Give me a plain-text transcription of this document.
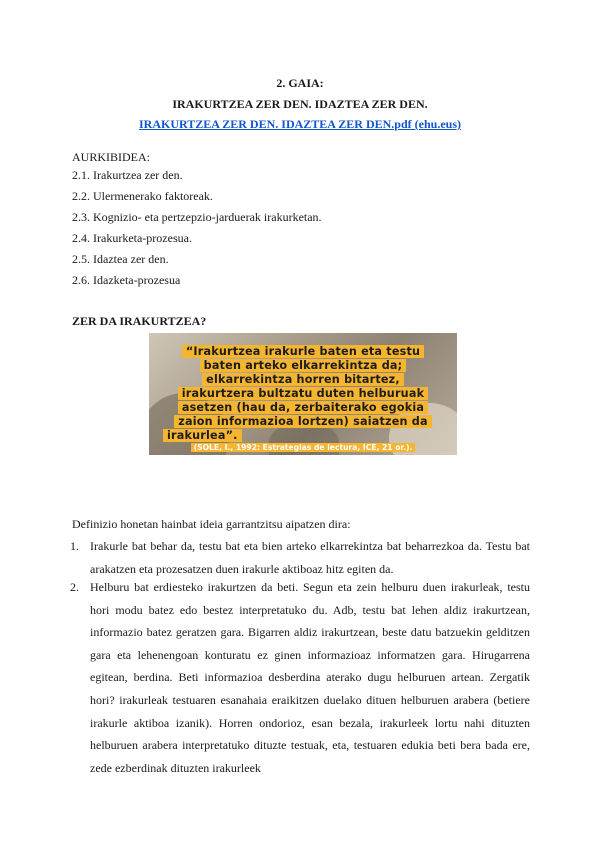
2. GAIA:
IRAKURTZEA ZER DEN. IDAZTEA ZER DEN.
IRAKURTZEA ZER DEN. IDAZTEA ZER DEN.pdf (ehu.eus)
AURKIBIDEA:
2.1. Irakurtzea zer den.
2.2. Ulermenerako faktoreak.
2.3. Kognizio- eta pertzepzio-jarduerak irakurketan.
2.4. Irakurketa-prozesua.
2.5. Idaztea zer den.
2.6. Idazketa-prozesua
ZER DA IRAKURTZEA?
“Irakurtzea irakurle baten eta testu
baten arteko elkarrekintza da;
elkarrekintza horren bitartez,
irakurtzera bultzatu duten helburuak
asetzen (hau da, zerbaiterako egokia
zaion informazioa lortzen) saiatzen da
irakurlea”.
(SOLE, I., 1992: Estrategias de lectura, ICE, 21 or.).
Definizio honetan hainbat ideia garrantzitsu aipatzen dira:
1. Irakurle bat behar da, testu bat eta bien arteko elkarrekintza bat beharrezkoa da. Testu bat arakatzen eta prozesatzen duen irakurle aktiboaz hitz egiten da.

2. Helburu bat erdiesteko irakurtzen da beti. Segun eta zein helburu duen irakurleak, testu hori modu batez edo bestez interpretatuko du. Adb, testu bat lehen aldiz irakurtzean, informazio batez geratzen gara. Bigarren aldiz irakurtzean, beste datu batzuekin gelditzen gara eta lehenengoan konturatu ez ginen informazioaz informatzen gara. Hirugarrena egitean, berdina. Beti informazioa desberdina aterako dugu helburuen artean. Zergatik hori? irakurleak testuaren esanahaia eraikitzen duelako dituen helburuen arabera (betiere irakurle aktiboa izanik). Horren ondorioz, esan bezala, irakurleek lortu nahi dituzten helburuen arabera interpretatuko dituzte testuak, eta, testuaren edukia beti bera bada ere, zede ezberdinak dituzten irakurleek
